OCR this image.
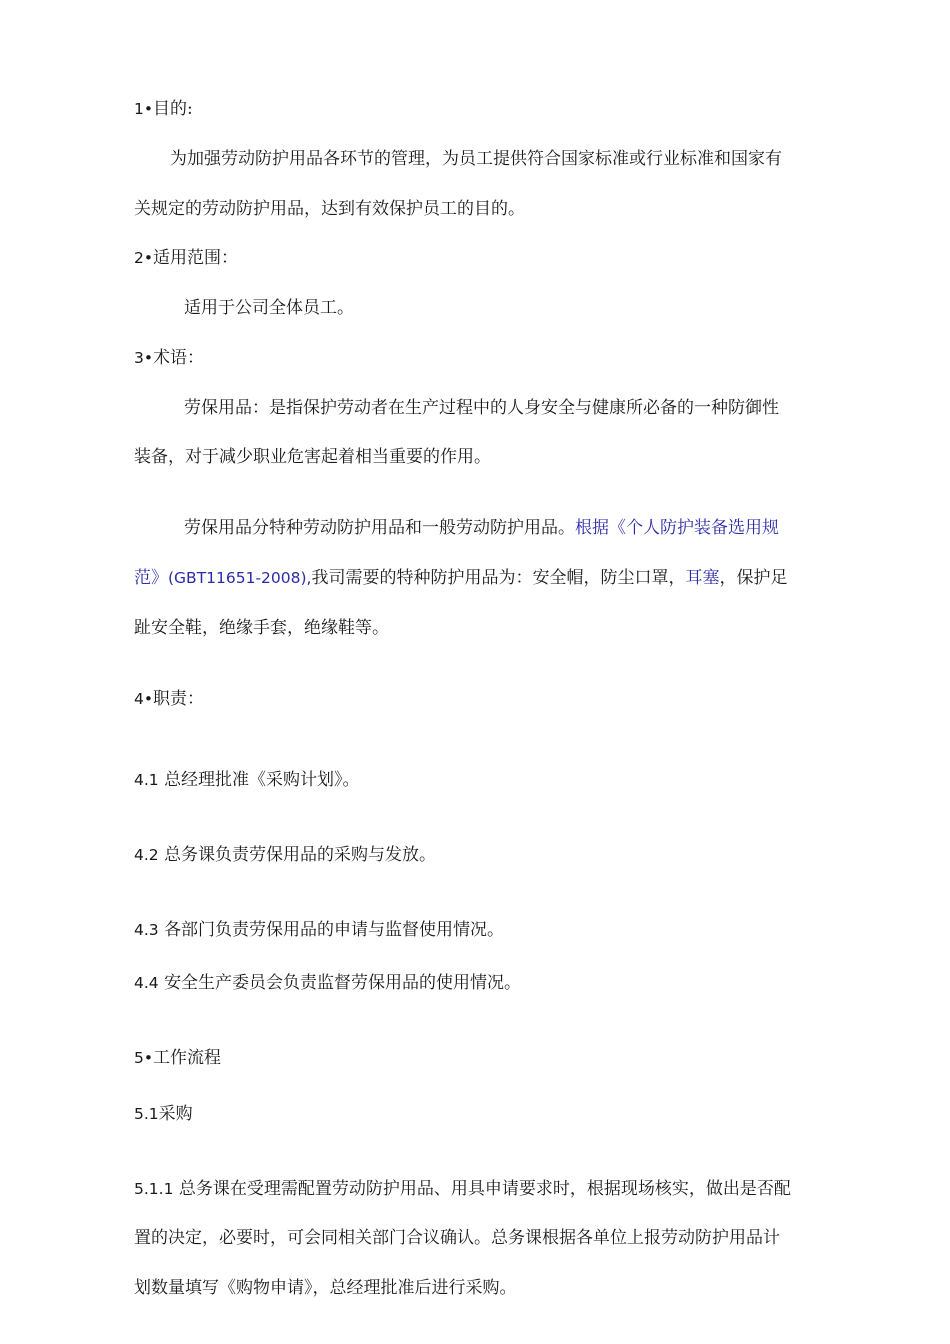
1•目的:
为加强劳动防护用品各环节的管理，为员工提供符合国家标准或行业标准和国家有
关规定的劳动防护用品，达到有效保护员工的目的。
2•适用范围：
适用于公司全体员工。
3•术语：
劳保用品：是指保护劳动者在生产过程中的人身安全与健康所必备的一种防御性
装备，对于减少职业危害起着相当重要的作用。
劳保用品分特种劳动防护用品和一般劳动防护用品。根据《个人防护装备选用规
范》(GBT11651-2008),我司需要的特种防护用品为：安全帽，防尘口罩，耳塞，保护足
趾安全鞋，绝缘手套，绝缘鞋等。
4•职责：
4.1 总经理批准《采购计划》。
4.2 总务课负责劳保用品的采购与发放。
4.3 各部门负责劳保用品的申请与监督使用情况。
4.4 安全生产委员会负责监督劳保用品的使用情况。
5•工作流程
5.1采购
5.1.1 总务课在受理需配置劳动防护用品、用具申请要求时，根据现场核实，做出是否配
置的决定，必要时，可会同相关部门合议确认。总务课根据各单位上报劳动防护用品计
划数量填写《购物申请》，总经理批准后进行采购。
